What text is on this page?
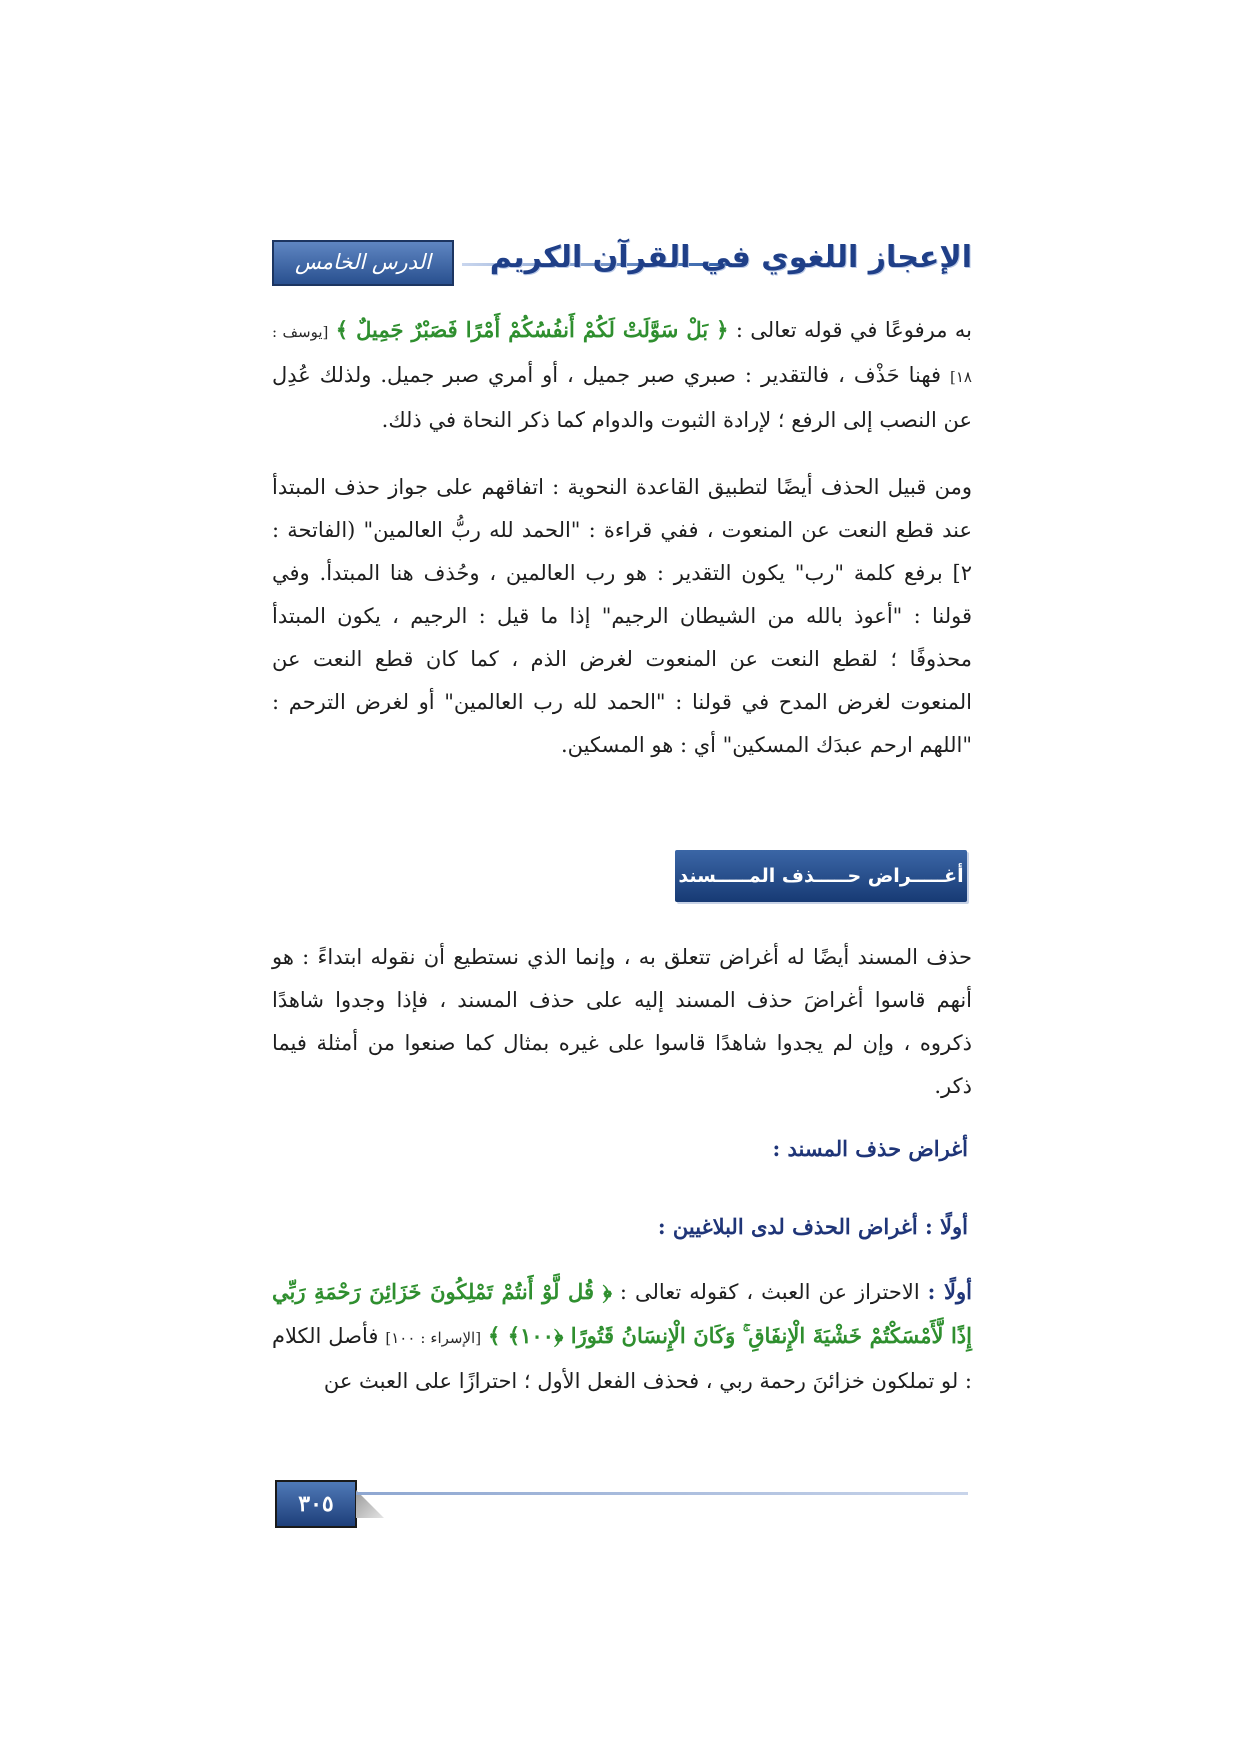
الدرس الخامس عشر
الإعجاز اللغوي في القرآن الكريم
به مرفوعًا في قوله تعالى : ﴿ بَلْ سَوَّلَتْ لَكُمْ أَنفُسُكُمْ أَمْرًا فَصَبْرٌ جَمِيلٌ ﴾ [يوسف : ١٨] فهنا حَذْف ، فالتقدير : صبري صبر جميل ، أو أمري صبر جميل. ولذلك عُدِل عن النصب إلى الرفع ؛ لإرادة الثبوت والدوام كما ذكر النحاة في ذلك.
ومن قبيل الحذف أيضًا لتطبيق القاعدة النحوية : اتفاقهم على جواز حذف المبتدأ عند قطع النعت عن المنعوت ، ففي قراءة : "الحمد لله ربُّ العالمين" (الفاتحة : ٢] برفع كلمة "رب" يكون التقدير : هو رب العالمين ، وحُذف هنا المبتدأ. وفي قولنا : "أعوذ بالله من الشيطان الرجيم" إذا ما قيل : الرجيم ، يكون المبتدأ محذوفًا ؛ لقطع النعت عن المنعوت لغرض الذم ، كما كان قطع النعت عن المنعوت لغرض المدح في قولنا : "الحمد لله رب العالمين" أو لغرض الترحم : "اللهم ارحم عبدَك المسكين" أي : هو المسكين.
أغـــــراض حـــــذف المـــــسند
حذف المسند أيضًا له أغراض تتعلق به ، وإنما الذي نستطيع أن نقوله ابتداءً : هو أنهم قاسوا أغراضَ حذف المسند إليه على حذف المسند ، فإذا وجدوا شاهدًا ذكروه ، وإن لم يجدوا شاهدًا قاسوا على غيره بمثال كما صنعوا من أمثلة فيما ذكر.
أغراض حذف المسند :
أولًا : أغراض الحذف لدى البلاغيين :
أولًا : الاحتراز عن العبث ، كقوله تعالى : ﴿ قُل لَّوْ أَنتُمْ تَمْلِكُونَ خَزَائِنَ رَحْمَةِ رَبِّي إِذًا لَّأَمْسَكْتُمْ خَشْيَةَ الْإِنفَاقِ ۚ وَكَانَ الْإِنسَانُ قَتُورًا ﴿١٠٠﴾ ﴾ [الإسراء : ١٠٠] فأصل الكلام : لو تملكون خزائنَ رحمة ربي ، فحذف الفعل الأول ؛ احترازًا على العبث عن
٣٠٥
